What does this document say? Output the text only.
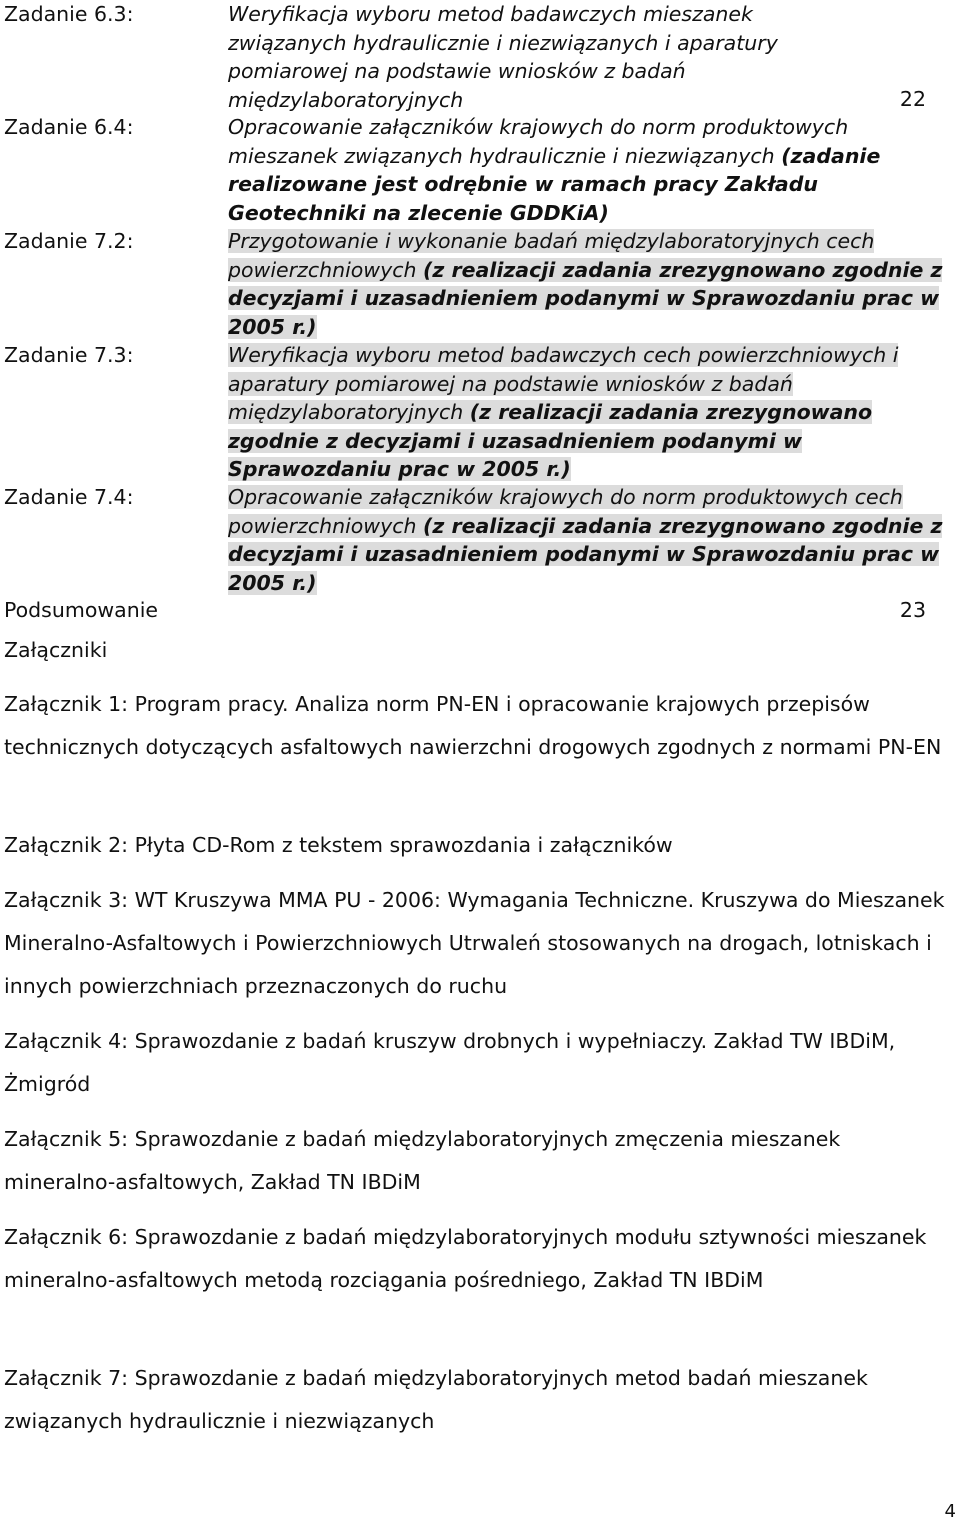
Zadanie 6.3:	Weryfikacja wyboru metod badawczych mieszanek związanych hydraulicznie i niezwiązanych i aparatury pomiarowej na podstawie wniosków z badań międzylaboratoryjnych	22
Zadanie 6.4:	Opracowanie załączników krajowych do norm produktowych mieszanek związanych hydraulicznie i niezwiązanych (zadanie realizowane jest odrębnie w ramach pracy Zakładu Geotechniki na zlecenie GDDKiA)
Zadanie 7.2:	Przygotowanie i wykonanie badań międzylaboratoryjnych cech powierzchniowych (z realizacji zadania zrezygnowano zgodnie z decyzjami i uzasadnieniem podanymi w Sprawozdaniu prac w 2005 r.)
Zadanie 7.3:	Weryfikacja wyboru metod badawczych cech powierzchniowych i aparatury pomiarowej na podstawie wniosków z badań międzylaboratoryjnych (z realizacji zadania zrezygnowano zgodnie z decyzjami i uzasadnieniem podanymi w Sprawozdaniu prac w 2005 r.)
Zadanie 7.4:	Opracowanie załączników krajowych do norm produktowych cech powierzchniowych (z realizacji zadania zrezygnowano zgodnie z decyzjami i uzasadnieniem podanymi w Sprawozdaniu prac w 2005 r.)
Podsumowanie	23
Załączniki
Załącznik 1: Program pracy. Analiza norm PN-EN i opracowanie krajowych przepisów technicznych dotyczących asfaltowych nawierzchni drogowych zgodnych z normami PN-EN
Załącznik 2: Płyta CD-Rom z tekstem sprawozdania i załączników
Załącznik 3: WT Kruszywa MMA PU - 2006: Wymagania Techniczne. Kruszywa do Mieszanek Mineralno-Asfaltowych i Powierzchniowych Utrwaleń stosowanych na drogach, lotniskach i innych powierzchniach przeznaczonych do ruchu
Załącznik 4: Sprawozdanie z badań kruszyw drobnych i wypełniaczy. Zakład TW IBDiM, Żmigród
Załącznik 5: Sprawozdanie z badań międzylaboratoryjnych zmęczenia mieszanek mineralno-asfaltowych, Zakład TN IBDiM
Załącznik 6: Sprawozdanie z badań międzylaboratoryjnych modułu sztywności mieszanek mineralno-asfaltowych metodą rozciągania pośredniego, Zakład TN IBDiM
Załącznik 7: Sprawozdanie z badań międzylaboratoryjnych metod badań mieszanek związanych hydraulicznie i niezwiązanych
4
